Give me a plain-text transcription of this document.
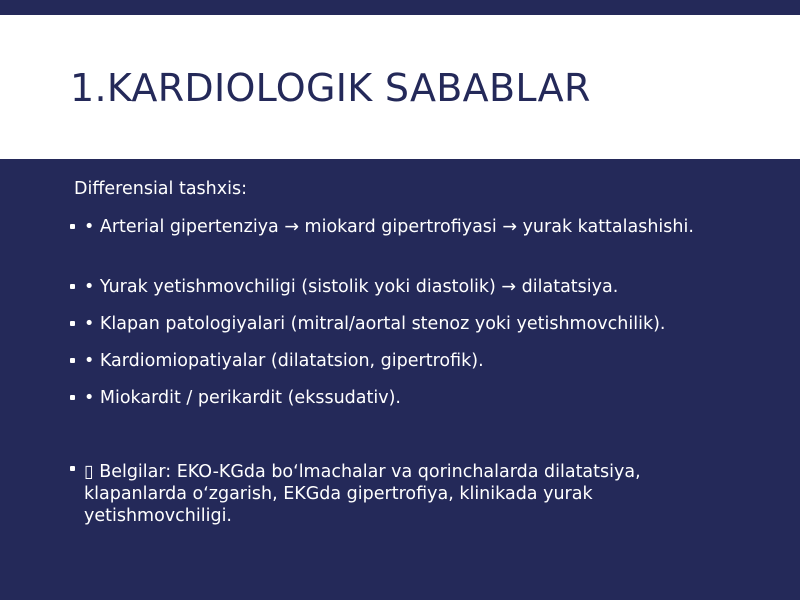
1.KARDIOLOGIK SABABLAR

Differensial tashxis:

• Arterial gipertenziya → miokard gipertrofiyasi → yurak kattalashishi.

• Yurak yetishmovchiligi (sistolik yoki diastolik) → dilatatsiya.

• Klapan patologiyalari (mitral/aortal stenoz yoki yetishmovchilik).

• Kardiomiopatiyalar (dilatatsion, gipertrofik).

• Miokardit / perikardit (ekssudativ).

▯ Belgilar: EKO-KGda boʻlmachalar va qorinchalarda dilatatsiya, klapanlarda oʻzgarish, EKGda gipertrofiya, klinikada yurak yetishmovchiligi.
